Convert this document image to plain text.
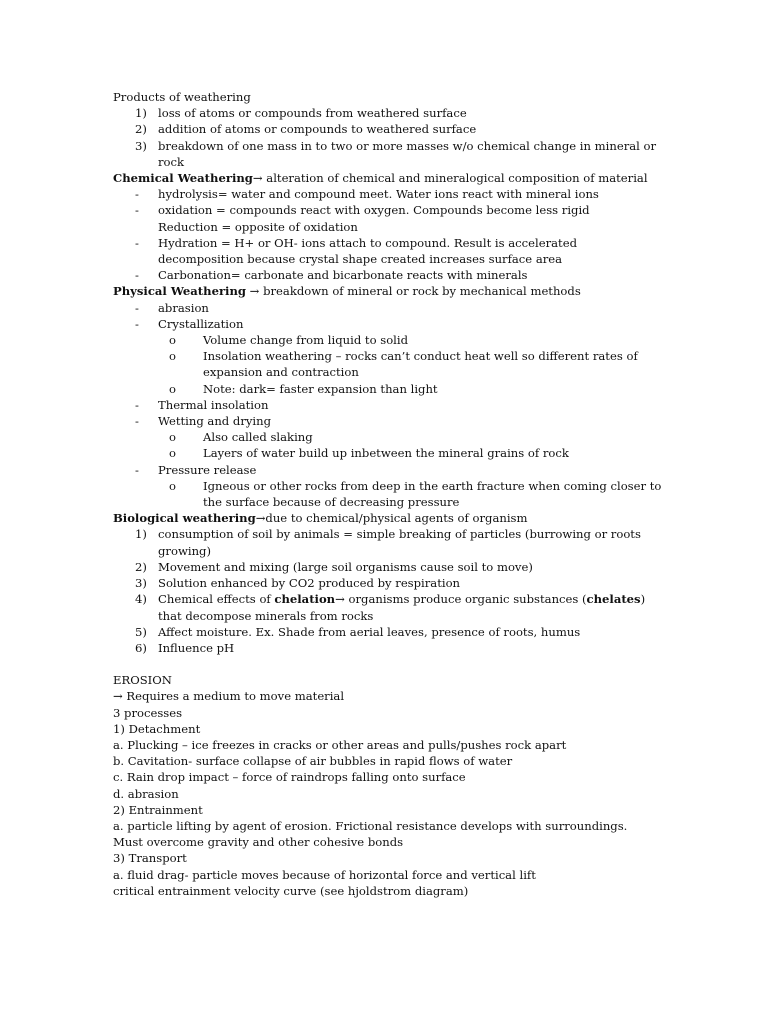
Products of weathering
1) loss of atoms or compounds from weathered surface
2) addition of atoms or compounds to weathered surface
3) breakdown of one mass in to two or more masses w/o chemical change in mineral or rock
Chemical Weathering→ alteration of chemical and mineralogical composition of material
- hydrolysis= water and compound meet. Water ions react with mineral ions
- oxidation = compounds react with oxygen. Compounds become less rigid Reduction = opposite of oxidation
- Hydration = H+ or OH- ions attach to compound. Result is accelerated decomposition because crystal shape created increases surface area
- Carbonation= carbonate and bicarbonate reacts with minerals
Physical Weathering → breakdown of mineral or rock by mechanical methods
- abrasion
- Crystallization
o Volume change from liquid to solid
o Insolation weathering – rocks can’t conduct heat well so different rates of expansion and contraction
o Note: dark= faster expansion than light
- Thermal insolation
- Wetting and drying
o Also called slaking
o Layers of water build up inbetween the mineral grains of rock
- Pressure release
o Igneous or other rocks from deep in the earth fracture when coming closer to the surface because of decreasing pressure
Biological weathering→due to chemical/physical agents of organism
1) consumption of soil by animals = simple breaking of particles (burrowing or roots growing)
2) Movement and mixing (large soil organisms cause soil to move)
3) Solution enhanced by CO2 produced by respiration
4) Chemical effects of chelation→ organisms produce organic substances (chelates) that decompose minerals from rocks
5) Affect moisture. Ex. Shade from aerial leaves, presence of roots, humus
6) Influence pH
EROSION
→ Requires a medium to move material
3 processes
1) Detachment
a. Plucking – ice freezes in cracks or other areas and pulls/pushes rock apart
b. Cavitation- surface collapse of air bubbles in rapid flows of water
c. Rain drop impact – force of raindrops falling onto surface
d. abrasion
2) Entrainment
a. particle lifting by agent of erosion. Frictional resistance develops with surroundings. Must overcome gravity and other cohesive bonds
3) Transport
a. fluid drag- particle moves because of horizontal force and vertical lift
critical entrainment velocity curve (see hjoldstrom diagram)
